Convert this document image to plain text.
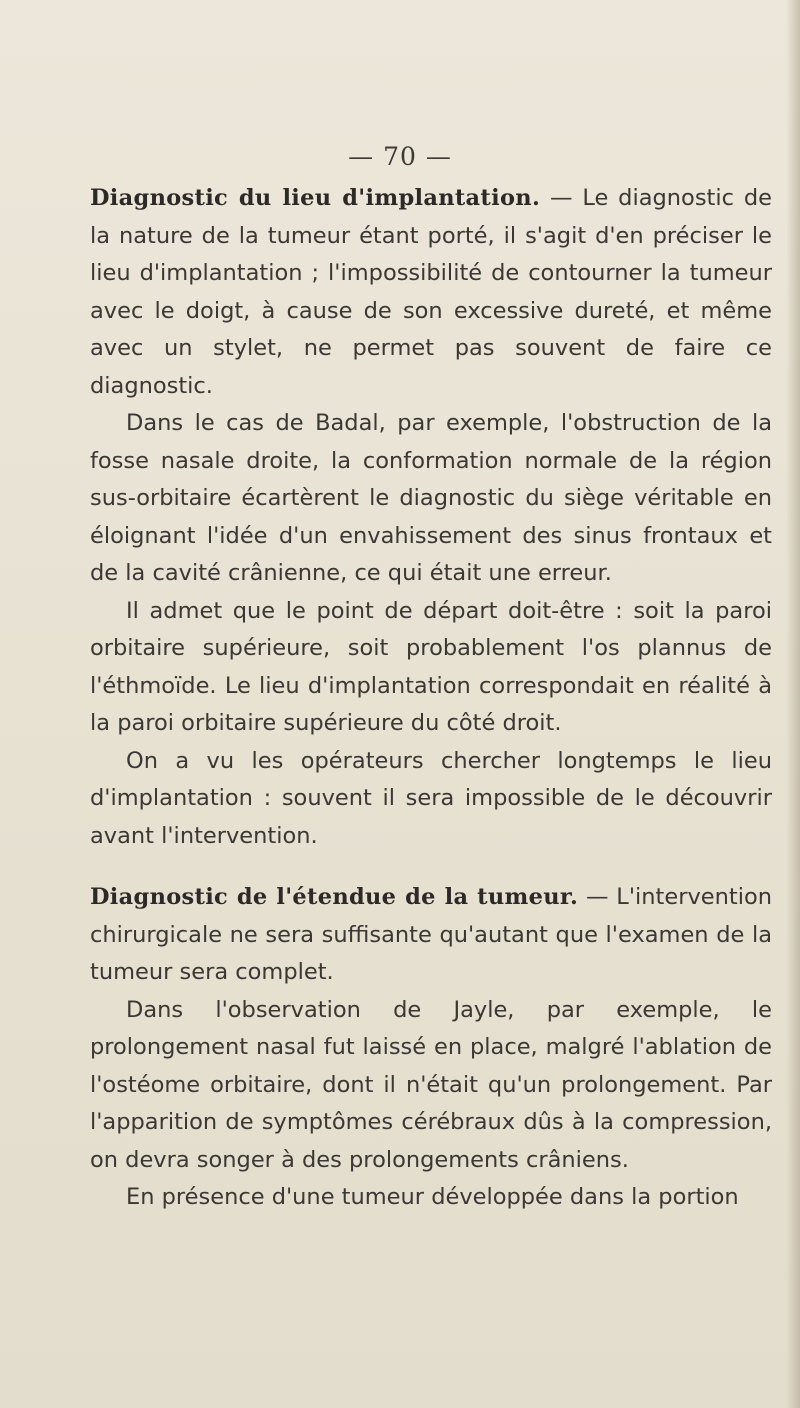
— 70 —

Diagnostic du lieu d'implantation. — Le diagnostic de la nature de la tumeur étant porté, il s'agit d'en préciser le lieu d'implantation ; l'impossibilité de contourner la tumeur avec le doigt, à cause de son excessive dureté, et même avec un stylet, ne permet pas souvent de faire ce diagnostic.

Dans le cas de Badal, par exemple, l'obstruction de la fosse nasale droite, la conformation normale de la région sus-orbitaire écartèrent le diagnostic du siège véritable en éloignant l'idée d'un envahissement des sinus frontaux et de la cavité crânienne, ce qui était une erreur.

Il admet que le point de départ doit-être : soit la paroi orbitaire supérieure, soit probablement l'os plannus de l'éthmoïde. Le lieu d'implantation correspondait en réalité à la paroi orbitaire supérieure du côté droit.

On a vu les opérateurs chercher longtemps le lieu d'implantation : souvent il sera impossible de le découvrir avant l'intervention.

Diagnostic de l'étendue de la tumeur. — L'intervention chirurgicale ne sera suffisante qu'autant que l'examen de la tumeur sera complet.

Dans l'observation de Jayle, par exemple, le prolongement nasal fut laissé en place, malgré l'ablation de l'ostéome orbitaire, dont il n'était qu'un prolongement. Par l'apparition de symptômes cérébraux dûs à la compression, on devra songer à des prolongements crâniens.

En présence d'une tumeur développée dans la portion
